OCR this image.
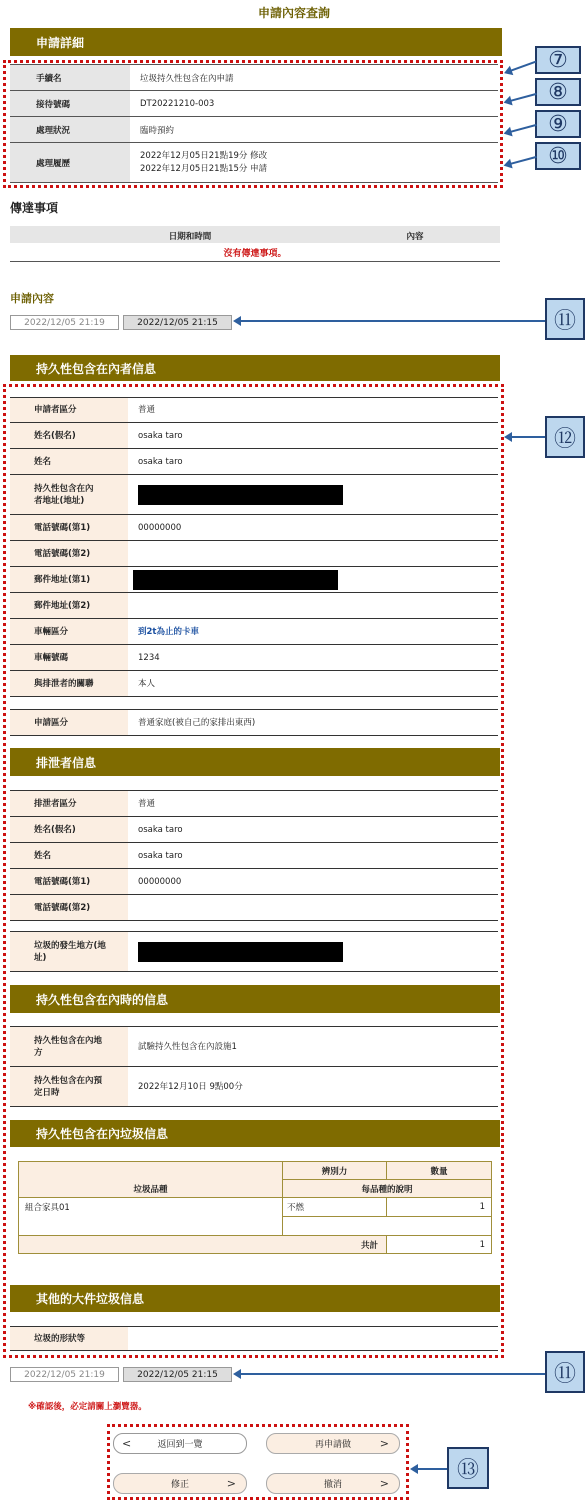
申請內容查詢
申請詳細
手續名	垃圾持久性包含在內申請
接待號碼	DT20221210-003
處理狀況	臨時預約
處理履歷	2022年12月05日21點19分 修改
2022年12月05日21點15分 申請
⑦
⑧
⑨
⑩
傳達事項
日期和時間	內容
沒有傳達事項。
申請內容
2022/12/05 21:19	2022/12/05 21:15	⑪
持久性包含在內者信息
申請者區分	普通
姓名(假名)	osaka taro
姓名	osaka taro
持久性包含在內者地址(地址)	

電話號碼(第1)	00000000
電話號碼(第2)	
郵件地址(第1)	

郵件地址(第2)	
車輛區分	到2t為止的卡車
車輛號碼	1234
與排泄者的關聯	本人
申請區分	普通家庭(被自己的家排出東西)
⑫
排泄者信息
排泄者區分	普通
姓名(假名)	osaka taro
姓名	osaka taro
電話號碼(第1)	00000000
電話號碼(第2)	
垃圾的發生地方(地址)	
持久性包含在內時的信息
持久性包含在內地方	試驗持久性包含在內設施1
持久性包含在內預定日時	2022年12月10日 9點00分
持久性包含在內垃圾信息
垃圾品種	辨別力	數量
	每品種的說明	
組合家具01	不燃	1

共計		1
其他的大件垃圾信息
垃圾的形狀等	
2022/12/05 21:19	2022/12/05 21:15	⑪
※確認後，必定請關上瀏覽器。
<	返回到一覽	再申請做	>
修正	>	撤消	>
⑬
